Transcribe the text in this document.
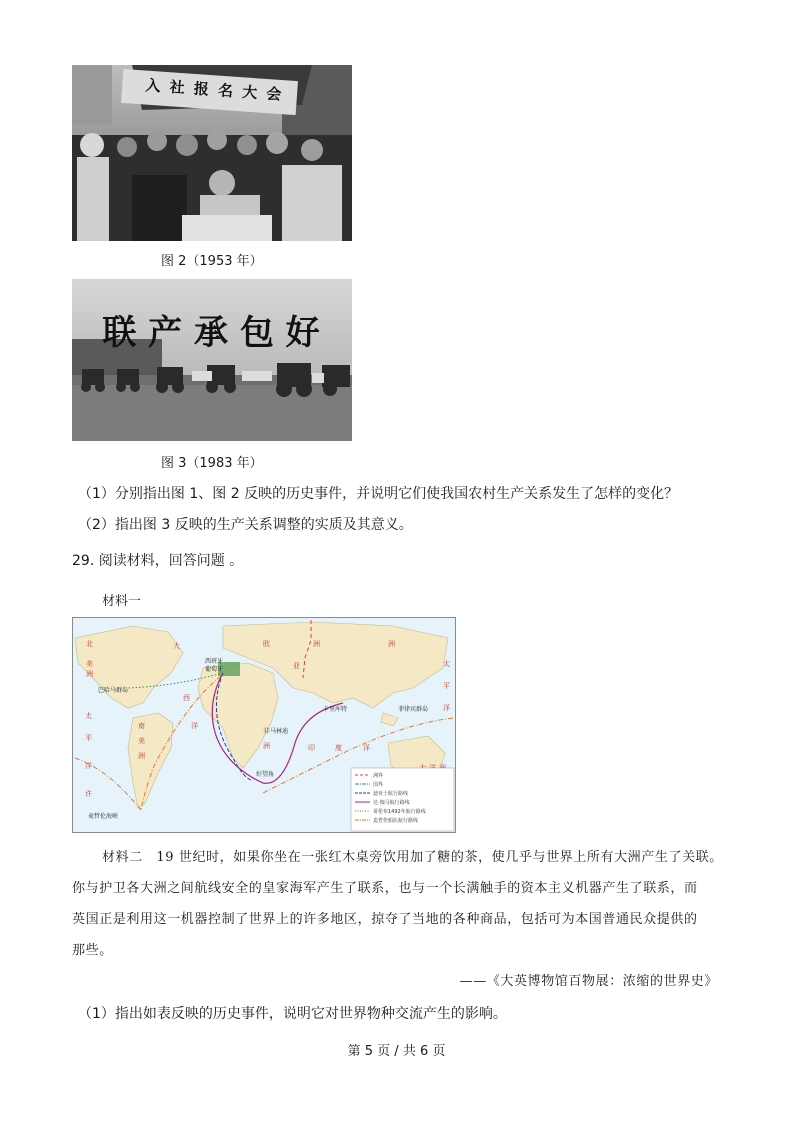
入 社 报 名 大 会
图 2（1953 年）
联 产 承 包 好
图 3（1983 年）
（1）分别指出图 1、图 2 反映的历史事件，并说明它们使我国农村生产关系发生了怎样的变化？
（2）指出图 3 反映的生产关系调整的实质及其意义。
29. 阅读材料，回答问题 。
材料一
北
美
洲
欧	洲
亚
洲
非
洲
南
美
洲
太
平
洋
大
西
洋
印	度	洋
太
平
洋
许
西班牙
葡萄牙
巴哈马群岛
马林迪
卡里库特	菲律宾群岛
好望角
麦哲伦海峡
洲界
国界
迪亚士航行路线
达·伽马航行路线
哥伦布1492年航行路线
麦哲伦船队航行路线
材料二　19 世纪时，如果你坐在一张红木桌旁饮用加了糖的茶，使几乎与世界上所有大洲产生了关联。
你与护卫各大洲之间航线安全的皇家海军产生了联系，也与一个长满触手的资本主义机器产生了联系，而
英国正是利用这一机器控制了世界上的许多地区，掠夺了当地的各种商品，包括可为本国普通民众提供的
那些。
——《大英博物馆百物展：浓缩的世界史》
（1）指出如表反映的历史事件，说明它对世界物种交流产生的影响。
第 5 页 / 共 6 页
